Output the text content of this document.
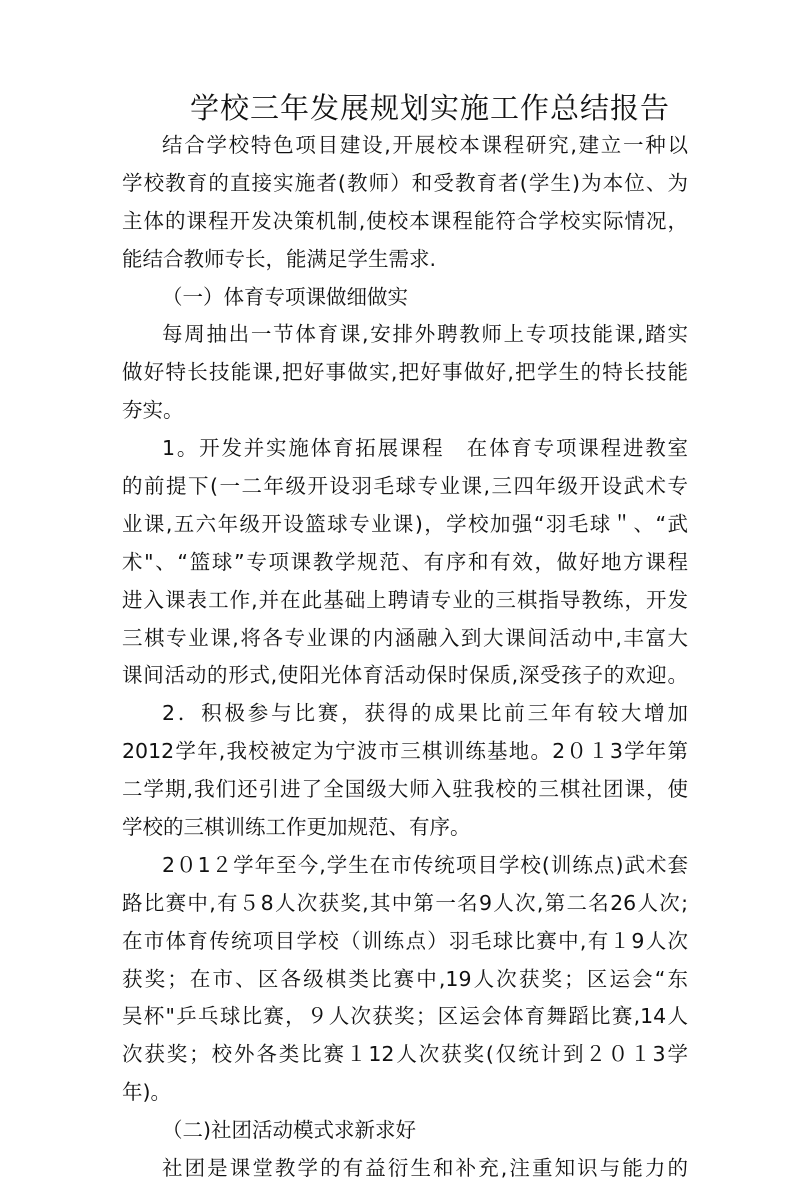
学校三年发展规划实施工作总结报告
结合学校特色项目建设,开展校本课程研究,建立一种以
学校教育的直接实施者(教师）和受教育者(学生)为本位、为
主体的课程开发决策机制,使校本课程能符合学校实际情况，
能结合教师专长，能满足学生需求.
（一）体育专项课做细做实
每周抽出一节体育课,安排外聘教师上专项技能课,踏实
做好特长技能课,把好事做实,把好事做好,把学生的特长技能
夯实。
1。开发并实施体育拓展课程　在体育专项课程进教室
的前提下(一二年级开设羽毛球专业课,三四年级开设武术专
业课,五六年级开设篮球专业课)，学校加强“羽毛球＂、“武
术"、“篮球”专项课教学规范、有序和有效，做好地方课程
进入课表工作,并在此基础上聘请专业的三棋指导教练，开发
三棋专业课,将各专业课的内涵融入到大课间活动中,丰富大
课间活动的形式,使阳光体育活动保时保质,深受孩子的欢迎。
2．积极参与比赛，获得的成果比前三年有较大增加
2012学年,我校被定为宁波市三棋训练基地。2０１3学年第
二学期,我们还引进了全国级大师入驻我校的三棋社团课，使
学校的三棋训练工作更加规范、有序。
2０1２学年至今,学生在市传统项目学校(训练点)武术套
路比赛中,有５8人次获奖,其中第一名9人次,第二名26人次;
在市体育传统项目学校（训练点）羽毛球比赛中,有１9人次
获奖；在市、区各级棋类比赛中,19人次获奖；区运会“东
吴杯"乒乓球比赛，９人次获奖；区运会体育舞蹈比赛,14人
次获奖；校外各类比赛１12人次获奖(仅统计到２０１3学
年)。
（二)社团活动模式求新求好
社团是课堂教学的有益衍生和补充,注重知识与能力的
